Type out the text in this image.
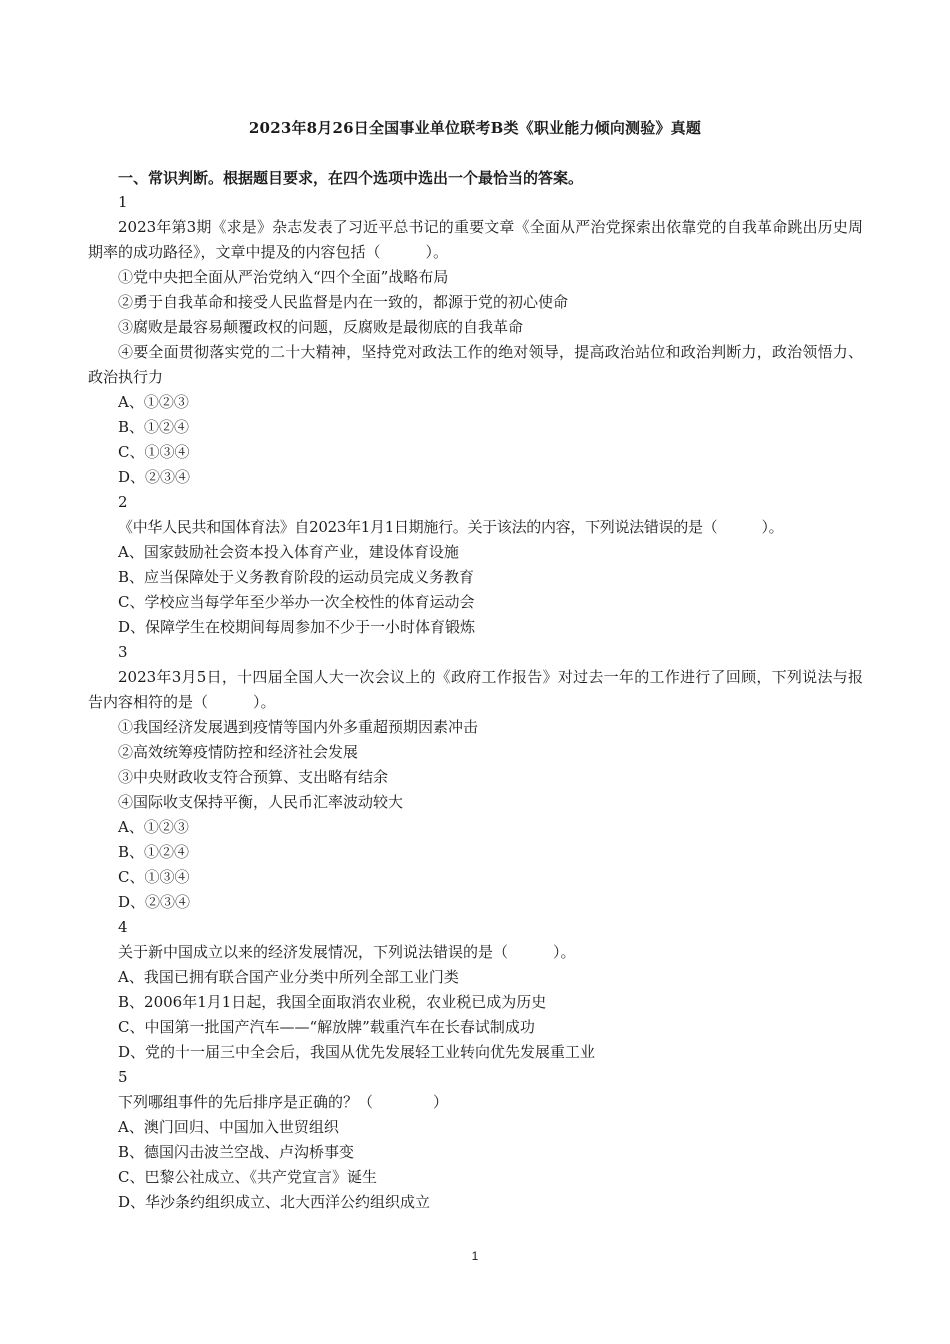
2023年8月26日全国事业单位联考B类《职业能力倾向测验》真题
一、常识判断。根据题目要求，在四个选项中选出一个最恰当的答案。
1
2023年第3期《求是》杂志发表了习近平总书记的重要文章《全面从严治党探索出依靠党的自我革命跳出历史周期率的成功路径》，文章中提及的内容包括（　　　）。
①党中央把全面从严治党纳入“四个全面”战略布局
②勇于自我革命和接受人民监督是内在一致的，都源于党的初心使命
③腐败是最容易颠覆政权的问题，反腐败是最彻底的自我革命
④要全面贯彻落实党的二十大精神，坚持党对政法工作的绝对领导，提高政治站位和政治判断力，政治领悟力、政治执行力
A、①②③
B、①②④
C、①③④
D、②③④
2
《中华人民共和国体育法》自2023年1月1日期施行。关于该法的内容，下列说法错误的是（　　　）。
A、国家鼓励社会资本投入体育产业，建设体育设施
B、应当保障处于义务教育阶段的运动员完成义务教育
C、学校应当每学年至少举办一次全校性的体育运动会
D、保障学生在校期间每周参加不少于一小时体育锻炼
3
2023年3月5日，十四届全国人大一次会议上的《政府工作报告》对过去一年的工作进行了回顾，下列说法与报告内容相符的是（　　　）。
①我国经济发展遇到疫情等国内外多重超预期因素冲击
②高效统筹疫情防控和经济社会发展
③中央财政收支符合预算、支出略有结余
④国际收支保持平衡，人民币汇率波动较大
A、①②③
B、①②④
C、①③④
D、②③④
4
关于新中国成立以来的经济发展情况，下列说法错误的是（　　　）。
A、我国已拥有联合国产业分类中所列全部工业门类
B、2006年1月1日起，我国全面取消农业税，农业税已成为历史
C、中国第一批国产汽车——“解放牌”载重汽车在长春试制成功
D、党的十一届三中全会后，我国从优先发展轻工业转向优先发展重工业
5
下列哪组事件的先后排序是正确的？（　　　　）
A、澳门回归、中国加入世贸组织
B、德国闪击波兰空战、卢沟桥事变
C、巴黎公社成立、《共产党宣言》诞生
D、华沙条约组织成立、北大西洋公约组织成立
1
